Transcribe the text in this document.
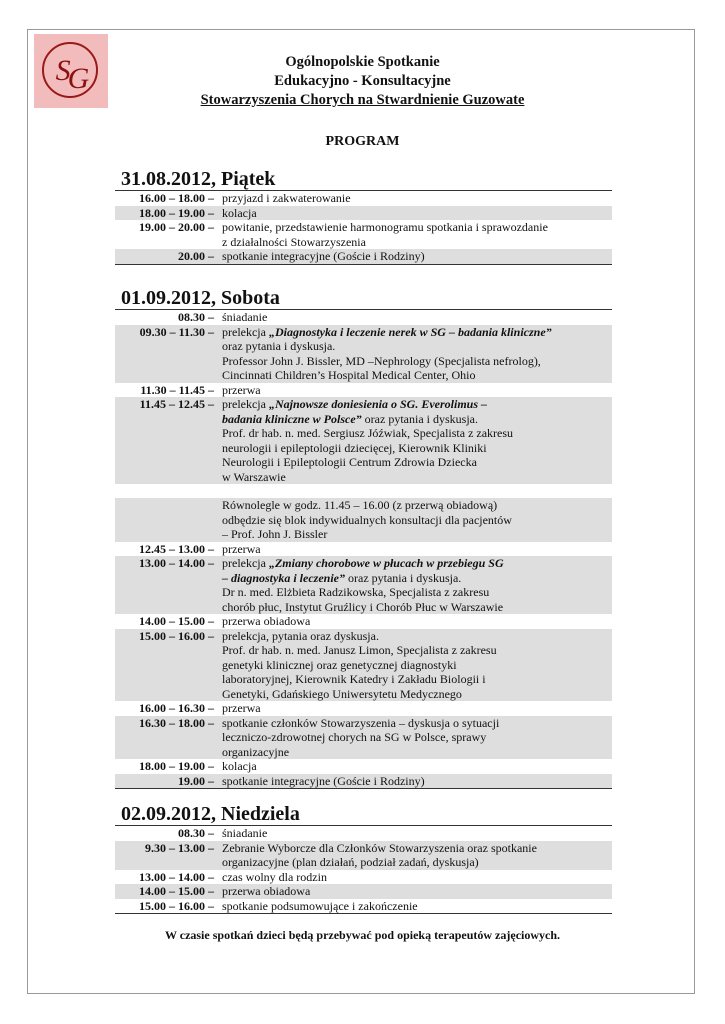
S G	Ogólnopolskie Spotkanie
Edukacyjno - Konsultacyjne
Stowarzyszenia Chorych na Stwardnienie Guzowate
PROGRAM
31.08.2012, Piątek
16.00 – 18.00 – przyjazd i zakwaterowanie
18.00 – 19.00 – kolacja
19.00 – 20.00 – powitanie, przedstawienie harmonogramu spotkania i sprawozdanie
z działalności Stowarzyszenia
20.00 – spotkanie integracyjne (Goście i Rodziny)
01.09.2012, Sobota
08.30 – śniadanie
09.30 – 11.30 – prelekcja „Diagnostyka i leczenie nerek w SG – badania kliniczne”
oraz pytania i dyskusja.
Professor John J. Bissler, MD –Nephrology (Specjalista nefrolog),
Cincinnati Children’s Hospital Medical Center, Ohio
11.30 – 11.45 – przerwa
11.45 – 12.45 – prelekcja „Najnowsze doniesienia o SG. Everolimus –
badania kliniczne w Polsce” oraz pytania i dyskusja.
Prof. dr hab. n. med. Sergiusz Jóźwiak, Specjalista z zakresu
neurologii i epileptologii dziecięcej, Kierownik Kliniki
Neurologii i Epileptologii Centrum Zdrowia Dziecka
w Warszawie
Równolegle w godz. 11.45 – 16.00 (z przerwą obiadową)
odbędzie się blok indywidualnych konsultacji dla pacjentów
– Prof. John J. Bissler
12.45 – 13.00 – przerwa
13.00 – 14.00 – prelekcja „Zmiany chorobowe w płucach w przebiegu SG
– diagnostyka i leczenie” oraz pytania i dyskusja.
Dr n. med. Elżbieta Radzikowska, Specjalista z zakresu
chorób płuc, Instytut Gruźlicy i Chorób Płuc w Warszawie
14.00 – 15.00 – przerwa obiadowa
15.00 – 16.00 – prelekcja, pytania oraz dyskusja.
Prof. dr hab. n. med. Janusz Limon, Specjalista z zakresu
genetyki klinicznej oraz genetycznej diagnostyki
laboratoryjnej, Kierownik Katedry i Zakładu Biologii i
Genetyki, Gdańskiego Uniwersytetu Medycznego
16.00 – 16.30 – przerwa
16.30 – 18.00 – spotkanie członków Stowarzyszenia – dyskusja o sytuacji
leczniczo-zdrowotnej chorych na SG w Polsce, sprawy
organizacyjne
18.00 – 19.00 – kolacja
19.00 – spotkanie integracyjne (Goście i Rodziny)
02.09.2012, Niedziela
08.30 – śniadanie
9.30 – 13.00 – Zebranie Wyborcze dla Członków Stowarzyszenia oraz spotkanie
organizacyjne (plan działań, podział zadań, dyskusja)
13.00 – 14.00 – czas wolny dla rodzin
14.00 – 15.00 – przerwa obiadowa
15.00 – 16.00 – spotkanie podsumowujące i zakończenie
W czasie spotkań dzieci będą przebywać pod opieką terapeutów zajęciowych.
